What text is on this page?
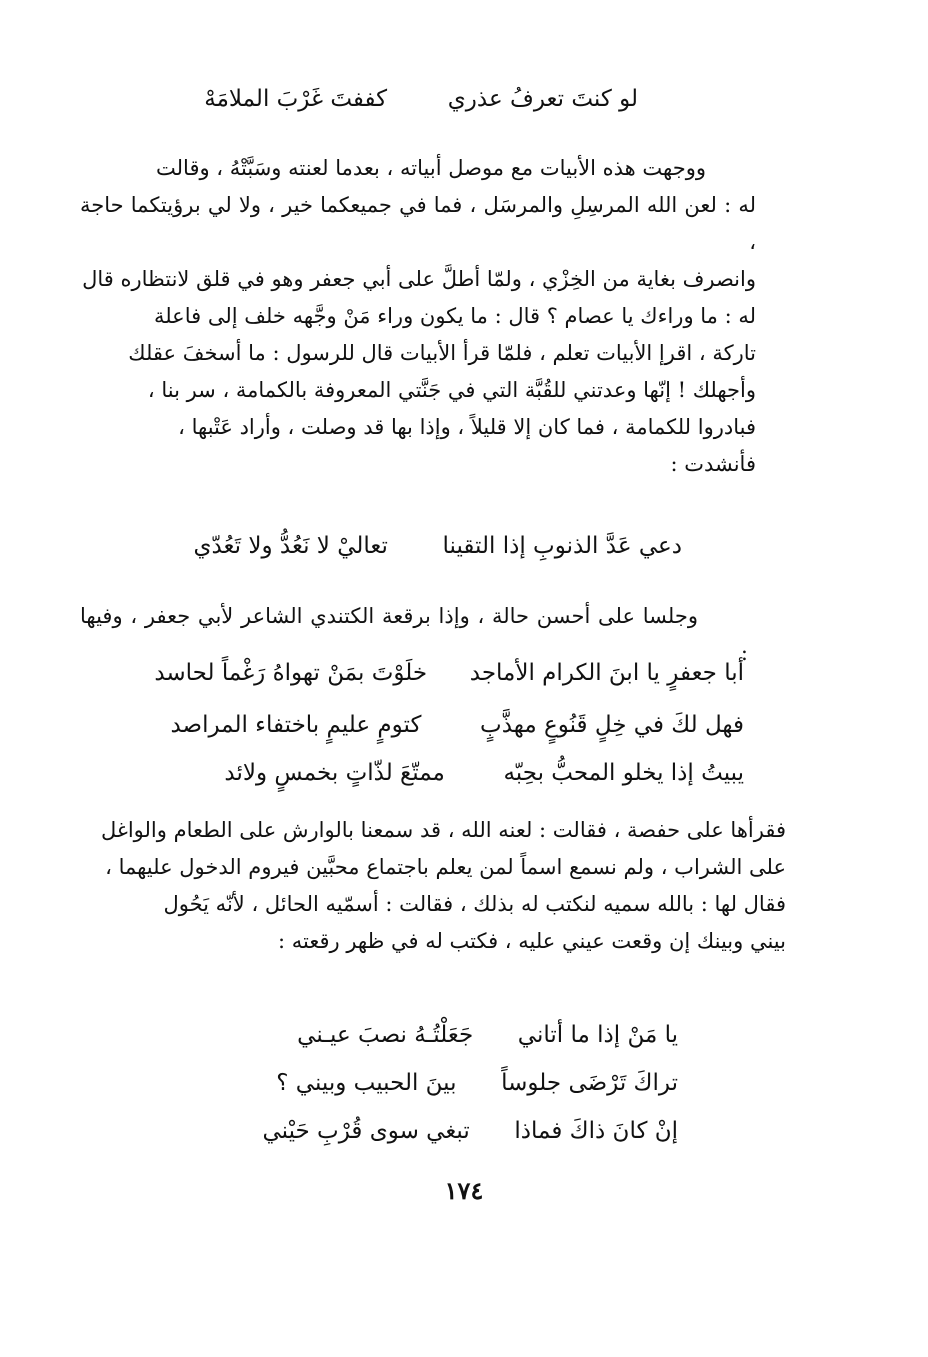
لو كنتَ تعرفُ عذري  كففتَ غَرْبَ الملامَهْ

ووجهت هذه الأبيات مع موصل أبياته ، بعدما لعنته وسَبَّتْهُ ، وقالت

له : لعن الله المرسِلِ والمرسَل ، فما في جميعكما خير ، ولا لي برؤيتكما حاجة ،

وانصرف بغاية من الخِزْي ، ولمّا أطلَّ على أبي جعفر وهو في قلق لانتظاره قال

له : ما وراءك يا عصام ؟ قال : ما يكون وراء مَنْ وجَّهه خلف إلى فاعلة

تاركة ، اقرإ الأبيات تعلم ، فلمّا قرأ الأبيات قال للرسول : ما أسخفَ عقلك

وأجهلك ! إنّها وعدتني للقُبَّة التي في جَنَّتي المعروفة بالكمامة ، سر بنا ،

فبادروا للكمامة ، فما كان إلا قليلاً ، وإذا بها قد وصلت ، وأراد عَتْبها ،

فأنشدت :

دعي عَدَّ الذنوبِ إذا التقينا  تعاليْ لا نَعُدُّ ولا تَعُدّي

وجلسا على أحسن حالة ، وإذا برقعة الكتندي الشاعر لأبي جعفر ، وفيها :

أبا جعفرٍ يا ابنَ الكرام الأماجد  خلَوْتَ بمَنْ تهواهُ رَغْماً لحاسد
فهل لكَ في خِلٍ قَنُوعٍ مهذَّبٍ  كتومٍ عليمٍ باختفاء المراصد
يبيتُ إذا يخلو المحبُّ بحِبّه  ممتّعَ لذّاتٍ بخمسٍ ولائد

فقرأها على حفصة ، فقالت : لعنه الله ، قد سمعنا بالوارش على الطعام والواغل

على الشراب ، ولم نسمع اسماً لمن يعلم باجتماع محبَّين فيروم الدخول عليهما ،

فقال لها : بالله سميه لنكتب له بذلك ، فقالت : أسمّيه الحائل ، لأنّه يَحُول

بيني وبينك إن وقعت عيني عليه ، فكتب له في ظهر رقعته :

يا مَنْ إذا ما أتاني  جَعَلْتُـهُ نصبَ عيـني
تراكَ تَرْضَى جلوساً  بينَ الحبيب وبيني ؟
إنْ كانَ ذاكَ فماذا  تبغي سوى قُرْبِ حَيْني
١٧٤
